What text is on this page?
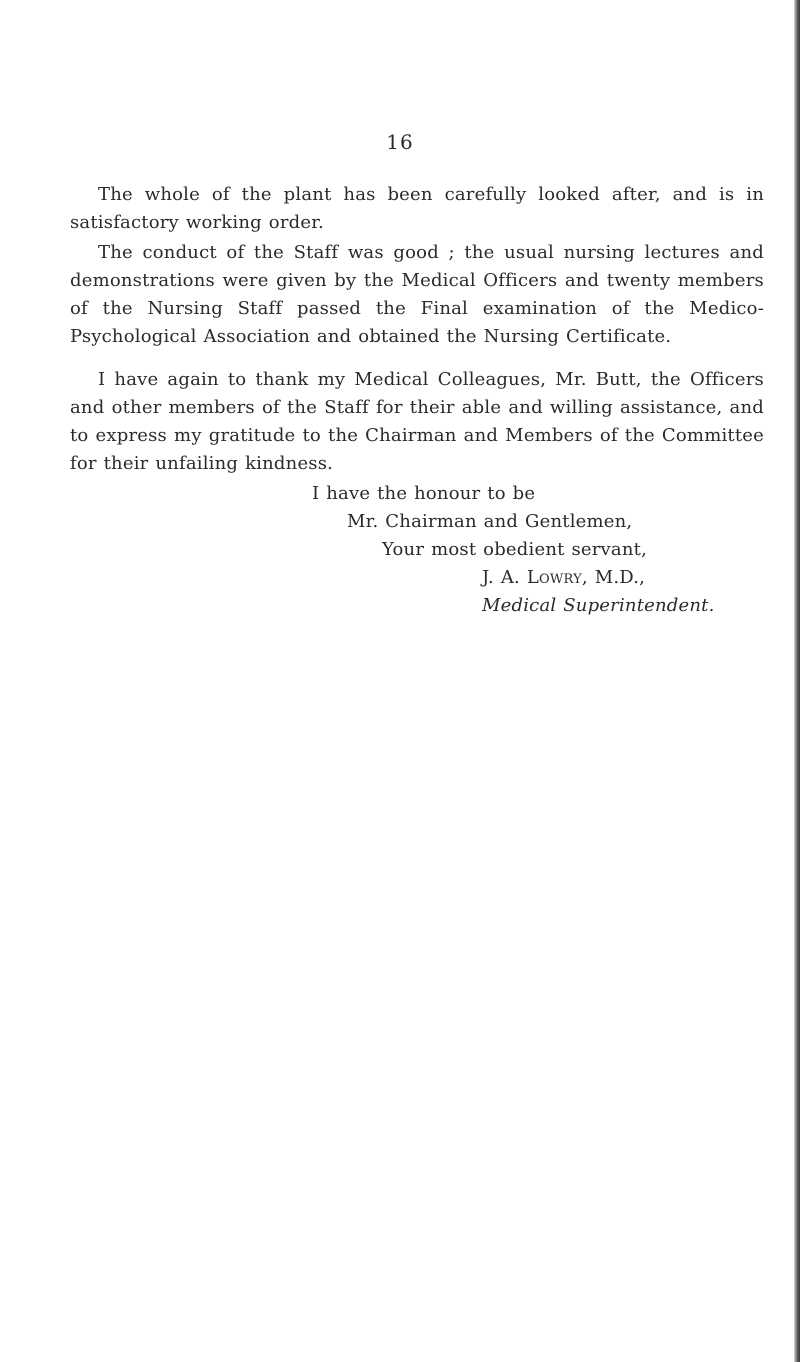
16

The whole of the plant has been carefully looked after, and is in satisfactory working order.

The conduct of the Staff was good ; the usual nursing lectures and demonstrations were given by the Medical Officers and twenty members of the Nursing Staff passed the Final examination of the Medico-Psychological Association and obtained the Nursing Certificate.

I have again to thank my Medical Colleagues, Mr. Butt, the Officers and other members of the Staff for their able and willing assistance, and to express my gratitude to the Chairman and Members of the Committee for their unfailing kindness.

I have the honour to be
Mr. Chairman and Gentlemen,
Your most obedient servant,
J. A. Lowry, M.D.,
Medical Superintendent.
